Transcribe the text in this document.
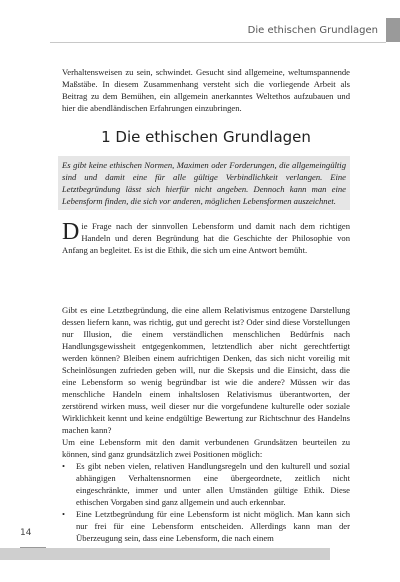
Die ethischen Grundlagen

Verhaltensweisen zu sein, schwindet. Gesucht sind allgemeine, weltumspannende Maßstäbe. In diesem Zusammenhang versteht sich die vorliegende Arbeit als Beitrag zu dem Bemühen, ein allgemein anerkanntes Weltethos aufzubauen und hier die abendländischen Erfahrungen einzubringen.

1 Die ethischen Grundlagen

Es gibt keine ethischen Normen, Maximen oder Forderungen, die allgemeingültig sind und damit eine für alle gültige Verbindlichkeit verlangen. Eine Letztbegründung lässt sich hierfür nicht angeben. Dennoch kann man eine Lebensform finden, die sich vor anderen, möglichen Lebensformen auszeichnet.

Die Frage nach der sinnvollen Lebensform und damit nach dem richtigen Handeln und deren Begründung hat die Geschichte der Philosophie von Anfang an begleitet. Es ist die Ethik, die sich um eine Antwort bemüht.

Gibt es eine Letztbegründung, die eine allem Relativismus entzogene Darstellung dessen liefern kann, was richtig, gut und gerecht ist? Oder sind diese Vorstellungen nur Illusion, die einem verständlichen menschlichen Bedürfnis nach Handlungsgewissheit entgegenkommen, letztendlich aber nicht gerechtfertigt werden können? Bleiben einem aufrichtigen Denken, das sich nicht voreilig mit Scheinlösungen zufrieden geben will, nur die Skepsis und die Einsicht, dass die eine Lebensform so wenig begründbar ist wie die andere? Müssen wir das menschliche Handeln einem inhaltslosen Relativismus überantworten, der zerstörend wirken muss, weil dieser nur die vorgefundene kulturelle oder soziale Wirklichkeit kennt und keine endgültige Bewertung zur Richtschnur des Handelns machen kann?

Um eine Lebensform mit den damit verbundenen Grundsätzen beurteilen zu können, sind ganz grundsätzlich zwei Positionen möglich:

• Es gibt neben vielen, relativen Handlungsregeln und den kulturell und sozial abhängigen Verhaltensnormen eine übergeordnete, zeitlich nicht eingeschränkte, immer und unter allen Umständen gültige Ethik. Diese ethischen Vorgaben sind ganz allgemein und auch erkennbar.
• Eine Letztbegründung für eine Lebensform ist nicht möglich. Man kann sich nur frei für eine Lebensform entscheiden. Allerdings kann man der Überzeugung sein, dass eine Lebensform, die nach einem
14
